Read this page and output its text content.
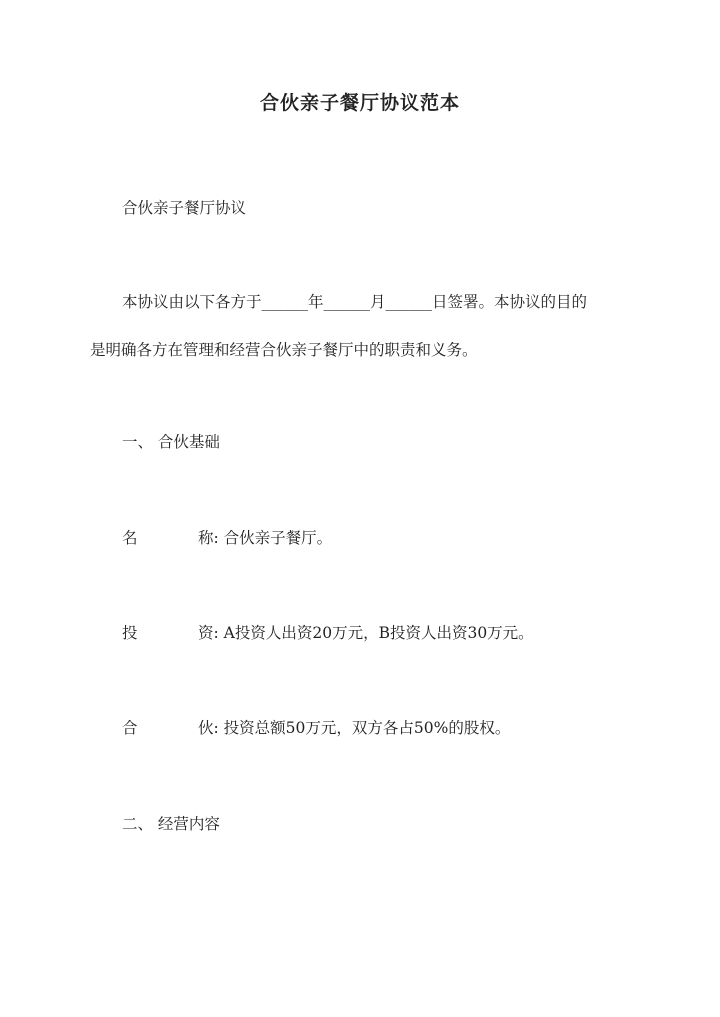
合伙亲子餐厅协议范本
合伙亲子餐厅协议
本协议由以下各方于______年______月______日签署。本协议的目的
是明确各方在管理和经营合伙亲子餐厅中的职责和义务。
一、 合伙基础
名	称: 合伙亲子餐厅。
投	资: A投资人出资20万元，B投资人出资30万元。
合	伙: 投资总额50万元，双方各占50%的股权。
二、 经营内容
